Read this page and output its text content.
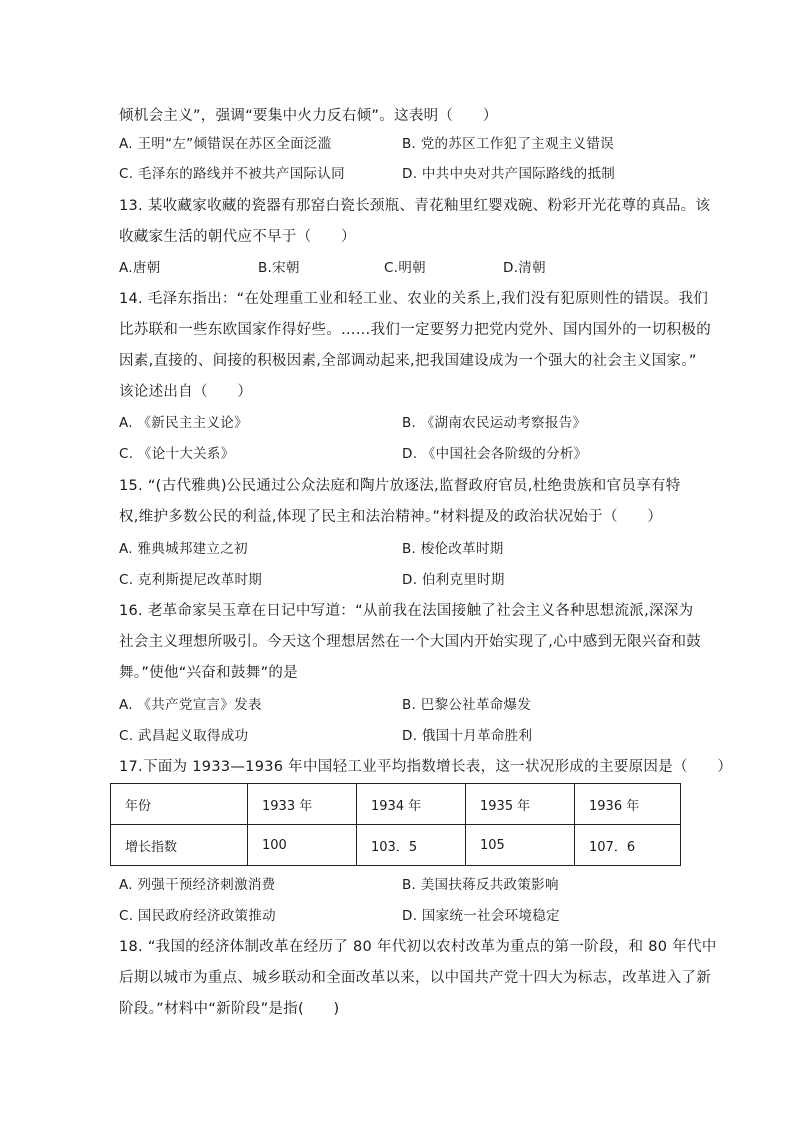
倾机会主义”，强调“要集中火力反右倾”。这表明（　　）
A. 王明“左”倾错误在苏区全面泛滥	B. 党的苏区工作犯了主观主义错误
C. 毛泽东的路线并不被共产国际认同	D. 中共中央对共产国际路线的抵制
13. 某收藏家收藏的瓷器有那窑白瓷长颈瓶、青花釉里红婴戏碗、粉彩开光花尊的真品。该
收藏家生活的朝代应不早于（　　）
A.唐朝	B.宋朝	C.明朝	D.清朝
14. 毛泽东指出：“在处理重工业和轻工业、农业的关系上,我们没有犯原则性的错误。我们
比苏联和一些东欧国家作得好些。……我们一定要努力把党内党外、国内国外的一切积极的
因素,直接的、间接的积极因素,全部调动起来,把我国建设成为一个强大的社会主义国家。”
该论述出自（　　）
A. 《新民主主义论》	B. 《湖南农民运动考察报告》
C. 《论十大关系》	D. 《中国社会各阶级的分析》
15. “(古代雅典)公民通过公众法庭和陶片放逐法,监督政府官员,杜绝贵族和官员享有特
权,维护多数公民的利益,体现了民主和法治精神。”材料提及的政治状况始于（　　）
A. 雅典城邦建立之初	B. 梭伦改革时期
C. 克利斯提尼改革时期	D. 伯利克里时期
16. 老革命家吴玉章在日记中写道：“从前我在法国接触了社会主义各种思想流派,深深为
社会主义理想所吸引。今天这个理想居然在一个大国内开始实现了,心中感到无限兴奋和鼓
舞。”使他“兴奋和鼓舞”的是
A. 《共产党宣言》发表	B. 巴黎公社革命爆发
C. 武昌起义取得成功	D. 俄国十月革命胜利
17.下面为 1933—1936 年中国轻工业平均指数增长表，这一状况形成的主要原因是（　　）
年份	1933 年	1934 年	1935 年	1936 年
增长指数	100	103．5	105	107．6
A. 列强干预经济刺激消费	B. 美国扶蒋反共政策影响
C. 国民政府经济政策推动	D. 国家统一社会环境稳定
18. “我国的经济体制改革在经历了 80 年代初以农村改革为重点的第一阶段，和 80 年代中
后期以城市为重点、城乡联动和全面改革以来，以中国共产党十四大为标志，改革进入了新
阶段。”材料中“新阶段”是指(　　)
